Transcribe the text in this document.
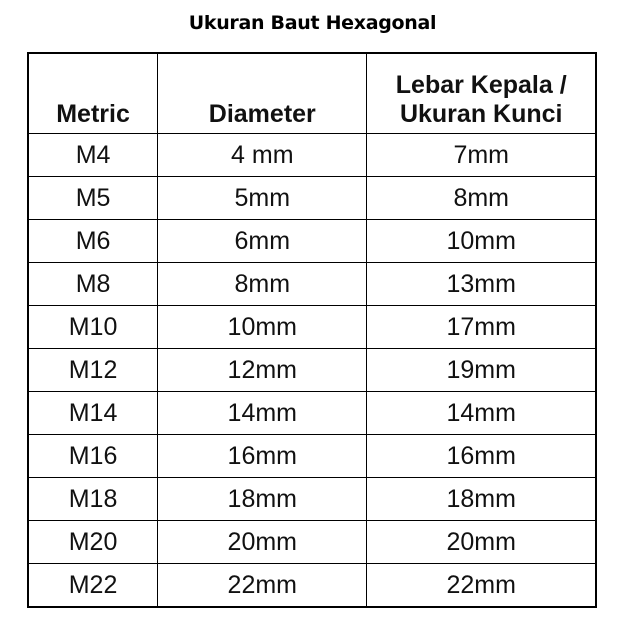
Ukuran Baut Hexagonal
Metric	Diameter	Lebar Kepala /
Ukuran Kunci
M4	4 mm	7mm
M5	5mm	8mm
M6	6mm	10mm
M8	8mm	13mm
M10	10mm	17mm
M12	12mm	19mm
M14	14mm	14mm
M16	16mm	16mm
M18	18mm	18mm
M20	20mm	20mm
M22	22mm	22mm
